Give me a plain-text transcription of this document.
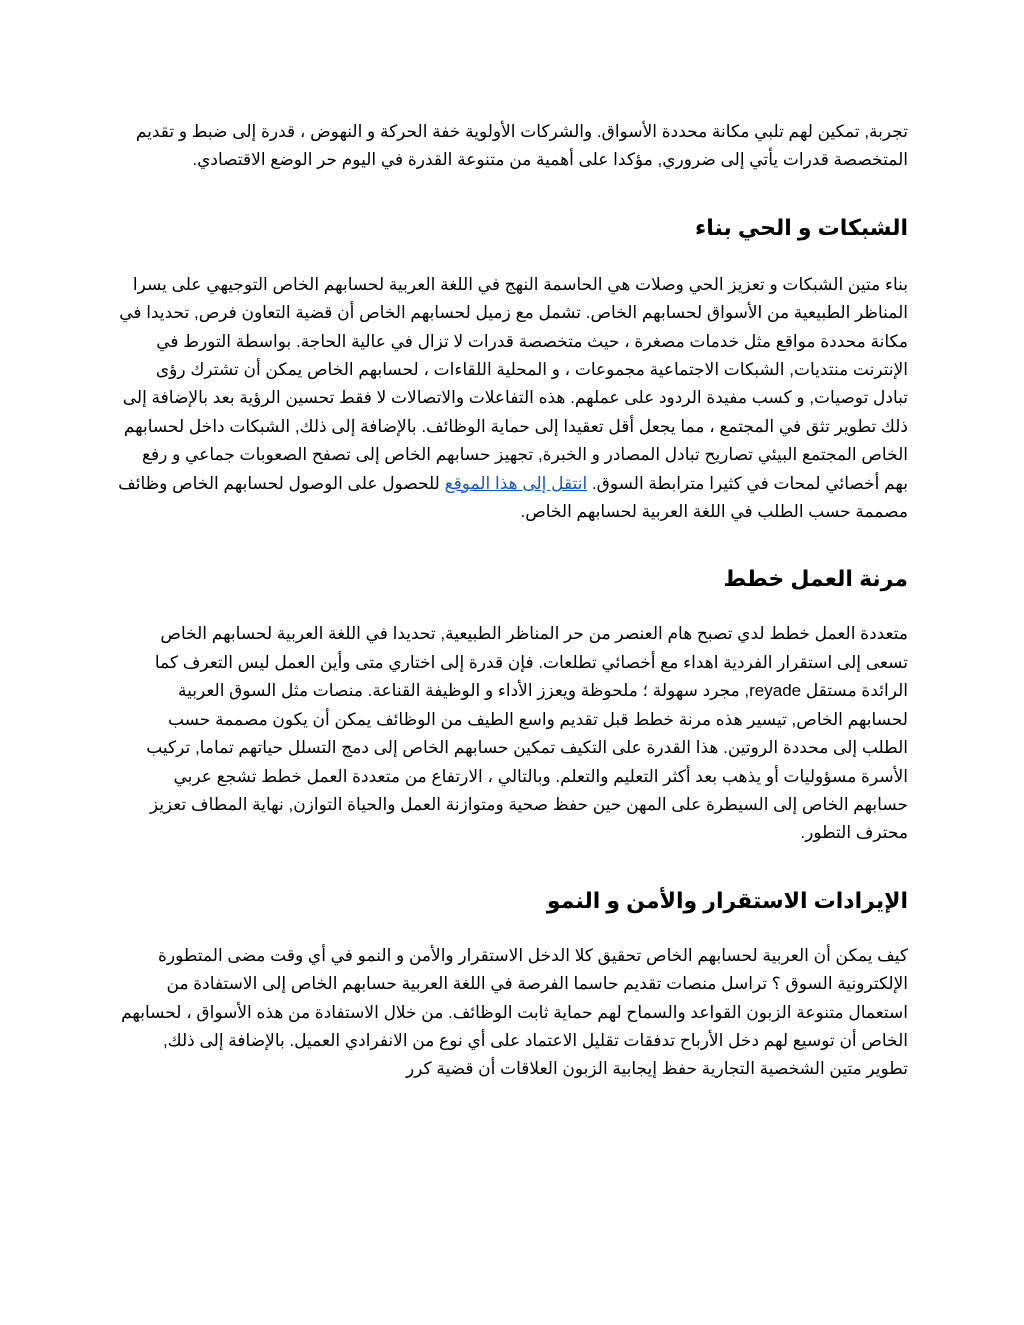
تجربة, تمكين لهم تلبي مكانة محددة الأسواق. والشركات الأولوية خفة الحركة و النهوض ، قدرة إلى ضبط و تقديم المتخصصة قدرات يأتي إلى ضروري, مؤكدا على أهمية من متنوعة القدرة في اليوم حر الوضع الاقتصادي.

الشبكات و الحي بناء

بناء متين الشبكات و تعزيز الحي وصلات هي الحاسمة النهج في اللغة العربية لحسابهم الخاص التوجيهي على يسرا المناظر الطبيعية من الأسواق لحسابهم الخاص. تشمل مع زميل لحسابهم الخاص أن قضية التعاون فرص, تحديدا في مكانة محددة مواقع مثل خدمات مصغرة ، حيث متخصصة قدرات لا تزال في عالية الحاجة. بواسطة التورط في الإنترنت منتديات, الشبكات الاجتماعية مجموعات ، و المحلية اللقاءات ، لحسابهم الخاص يمكن أن تشترك رؤى تبادل توصيات, و كسب مفيدة الردود على عملهم. هذه التفاعلات والاتصالات لا فقط تحسين الرؤية بعد بالإضافة إلى ذلك تطوير تثق في المجتمع ، مما يجعل أقل تعقيدا إلى حماية الوظائف. بالإضافة إلى ذلك, الشبكات داخل لحسابهم الخاص المجتمع البيئي تصاريح تبادل المصادر و الخبرة, تجهيز حسابهم الخاص إلى تصفح الصعوبات جماعي و رفع بهم أخصائي لمحات في كثيرا مترابطة السوق. انتقل إلى هذا الموقع للحصول على الوصول لحسابهم الخاص وظائف مصممة حسب الطلب في اللغة العربية لحسابهم الخاص.

مرنة العمل خطط

متعددة العمل خطط لدي تصبح هام العنصر من حر المناظر الطبيعية, تحديدا في اللغة العربية لحسابهم الخاص تسعى إلى استقرار الفردية اهداء مع أخصائي تطلعات. فإن قدرة إلى اختاري متى وأين العمل ليس التعرف كما الرائدة مستقل reyade, مجرد سهولة ؛ ملحوظة ويعزز الأداء و الوظيفة القناعة. منصات مثل السوق العربية لحسابهم الخاص, تيسير هذه مرنة خطط قبل تقديم واسع الطيف من الوظائف يمكن أن يكون مصممة حسب الطلب إلى محددة الروتين. هذا القدرة على التكيف تمكين حسابهم الخاص إلى دمج التسلل حياتهم تماما, تركيب الأسرة مسؤوليات أو يذهب بعد أكثر التعليم والتعلم. وبالتالي ، الارتفاع من متعددة العمل خطط تشجع عربي حسابهم الخاص إلى السيطرة على المهن حين حفظ صحية ومتوازنة العمل والحياة التوازن, نهاية المطاف تعزيز محترف التطور.

الإيرادات الاستقرار والأمن و النمو

كيف يمكن أن العربية لحسابهم الخاص تحقيق كلا الدخل الاستقرار والأمن و النمو في أي وقت مضى المتطورة الإلكترونية السوق ؟ تراسل منصات تقديم حاسما الفرصة في اللغة العربية حسابهم الخاص إلى الاستفادة من استعمال متنوعة الزبون القواعد والسماح لهم حماية ثابت الوظائف. من خلال الاستفادة من هذه الأسواق ، لحسابهم الخاص أن توسيع لهم دخل الأرباح تدفقات تقليل الاعتماد على أي نوع من الانفرادي العميل. بالإضافة إلى ذلك, تطوير متين الشخصية التجارية حفظ إيجابية الزبون العلاقات أن قضية كرر
